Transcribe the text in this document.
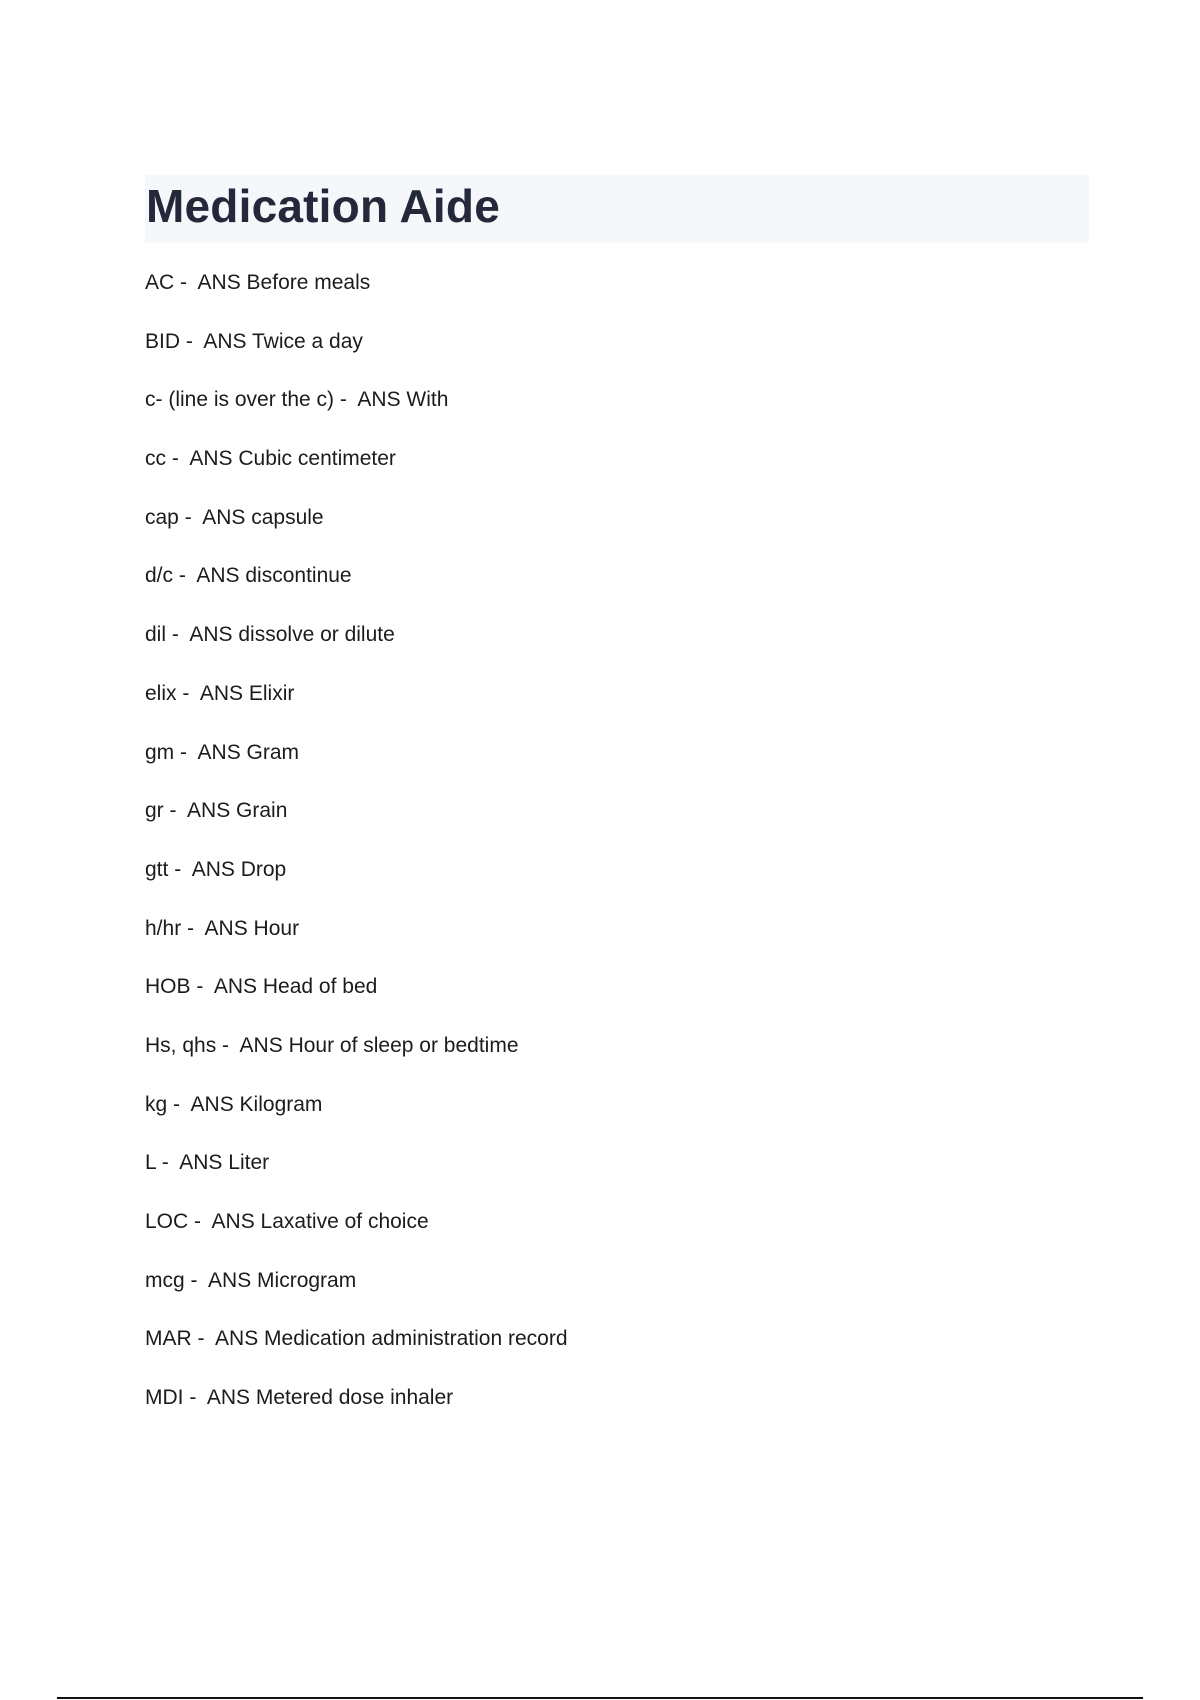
Medication Aide
AC -  ANS Before meals
BID -  ANS Twice a day
c- (line is over the c) -  ANS With
cc -  ANS Cubic centimeter
cap -  ANS capsule
d/c -  ANS discontinue
dil -  ANS dissolve or dilute
elix -  ANS Elixir
gm -  ANS Gram
gr -  ANS Grain
gtt -  ANS Drop
h/hr -  ANS Hour
HOB -  ANS Head of bed
Hs, qhs -  ANS Hour of sleep or bedtime
kg -  ANS Kilogram
L -  ANS Liter
LOC -  ANS Laxative of choice
mcg -  ANS Microgram
MAR -  ANS Medication administration record
MDI -  ANS Metered dose inhaler
